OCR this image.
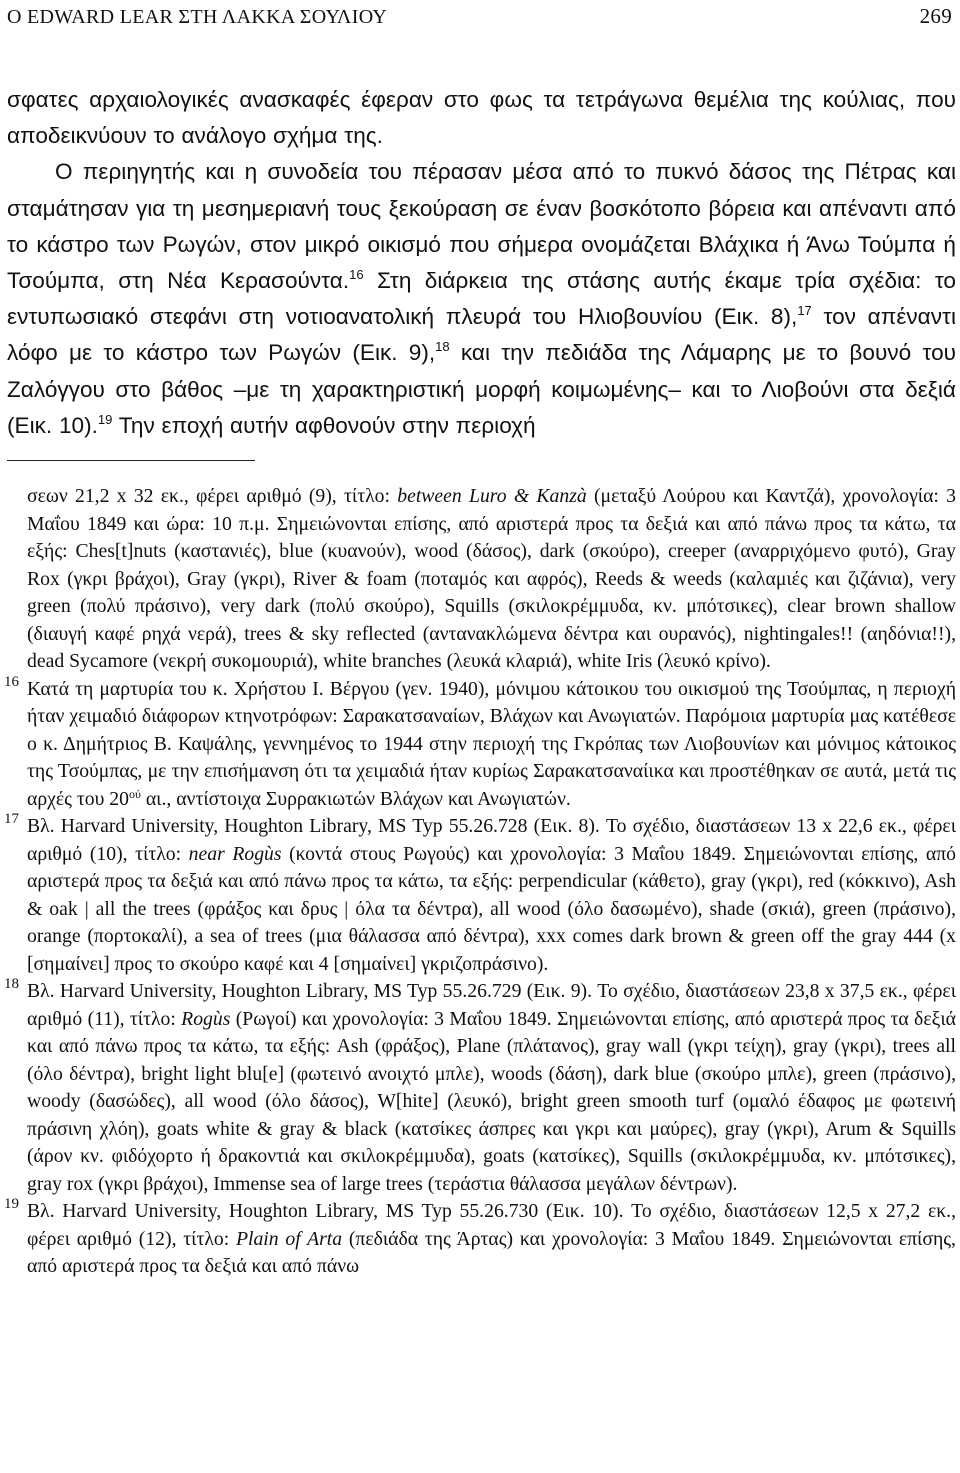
O EDWARD LEAR ΣΤΗ ΛΑΚΚΑ ΣΟΥΛΙΟΥ	269

σφατες αρχαιολογικές ανασκαφές έφεραν στο φως τα τετράγωνα θεμέλια της κούλιας, που αποδεικνύουν το ανάλογο σχήμα της.

Ο περιηγητής και η συνοδεία του πέρασαν μέσα από το πυκνό δάσος της Πέτρας και σταμάτησαν για τη μεσημεριανή τους ξεκούραση σε έναν βοσκότοπο βόρεια και απέναντι από το κάστρο των Ρωγών, στον μικρό οικισμό που σήμερα ονομάζεται Βλάχικα ή Άνω Τούμπα ή Τσούμπα, στη Νέα Κερασούντα.$^{16}$ Στη διάρκεια της στάσης αυτής έκαμε τρία σχέδια: το εντυπωσιακό στεφάνι στη νοτιοανατολική πλευρά του Ηλιοβουνίου (Εικ. 8),$^{17}$ τον απέναντι λόφο με το κάστρο των Ρωγών (Εικ. 9),$^{18}$ και την πεδιάδα της Λάμαρης με το βουνό του Ζαλόγγου στο βάθος –με τη χαρακτηριστική μορφή κοιμωμένης– και το Λιοβούνι στα δεξιά (Εικ. 10).$^{19}$ Την εποχή αυτήν αφθονούν στην περιοχή

σεων 21,2 x 32 εκ., φέρει αριθμό (9), τίτλο: between Luro & Kanzà (μεταξύ Λούρου και Καντζά), χρονολογία: 3 Μαΐου 1849 και ώρα: 10 π.μ. Σημειώνονται επίσης, από αριστερά προς τα δεξιά και από πάνω προς τα κάτω, τα εξής: Ches[t]nuts (καστανιές), blue (κυανούν), wood (δάσος), dark (σκούρο), creeper (αναρριχόμενο φυτό), Gray Rox (γκρι βράχοι), Gray (γκρι), River & foam (ποταμός και αφρός), Reeds & weeds (καλαμιές και ζιζάνια), very green (πολύ πράσινο), very dark (πολύ σκούρο), Squills (σκιλοκρέμμυδα, κν. μπότσικες), clear brown shallow (διαυγή καφέ ρηχά νερά), trees & sky reflected (αντανακλώμενα δέντρα και ουρανός), nightingales!! (αηδόνια!!), dead Sycamore (νεκρή συκομουριά), white branches (λευκά κλαριά), white Iris (λευκό κρίνο).

16 Κατά τη μαρτυρία του κ. Χρήστου Ι. Βέργου (γεν. 1940), μόνιμου κάτοικου του οικισμού της Τσούμπας, η περιοχή ήταν χειμαδιό διάφορων κτηνοτρόφων: Σαρακατσαναίων, Βλάχων και Ανωγιατών. Παρόμοια μαρτυρία μας κατέθεσε ο κ. Δημήτριος Β. Καψάλης, γεννημένος το 1944 στην περιοχή της Γκρόπας των Λιοβουνίων και μόνιμος κάτοικος της Τσούμπας, με την επισήμανση ότι τα χειμαδιά ήταν κυρίως Σαρακατσαναίικα και προστέθηκαν σε αυτά, μετά τις αρχές του $20^{oύ}$ αι., αντίστοιχα Συρρακιωτών Βλάχων και Ανωγιατών.

17 Βλ. Harvard University, Houghton Library, MS Typ 55.26.728 (Εικ. 8). Το σχέδιο, διαστάσεων 13 x 22,6 εκ., φέρει αριθμό (10), τίτλο: near Rogùs (κοντά στους Ρωγούς) και χρονολογία: 3 Μαΐου 1849. Σημειώνονται επίσης, από αριστερά προς τα δεξιά και από πάνω προς τα κάτω, τα εξής: perpendicular (κάθετο), gray (γκρι), red (κόκκινο), Ash & oak | all the trees (φράξος και δρυς | όλα τα δέντρα), all wood (όλο δασωμένο), shade (σκιά), green (πράσινο), orange (πορτοκαλί), a sea of trees (μια θάλασσα από δέντρα), xxx comes dark brown & green off the gray 444 (x [σημαίνει] προς το σκούρο καφέ και 4 [σημαίνει] γκριζοπράσινο).

18 Βλ. Harvard University, Houghton Library, MS Typ 55.26.729 (Εικ. 9). Το σχέδιο, διαστάσεων 23,8 x 37,5 εκ., φέρει αριθμό (11), τίτλο: Rogùs (Ρωγοί) και χρονολογία: 3 Μαΐου 1849. Σημειώνονται επίσης, από αριστερά προς τα δεξιά και από πάνω προς τα κάτω, τα εξής: Ash (φράξος), Plane (πλάτανος), gray wall (γκρι τείχη), gray (γκρι), trees all (όλο δέντρα), bright light blu[e] (φωτεινό ανοιχτό μπλε), woods (δάση), dark blue (σκούρο μπλε), green (πράσινο), woody (δασώδες), all wood (όλο δάσος), W[hite] (λευκό), bright green smooth turf (ομαλό έδαφος με φωτεινή πράσινη χλόη), goats white & gray & black (κατσίκες άσπρες και γκρι και μαύρες), gray (γκρι), Arum & Squills (άρον κν. φιδόχορτο ή δρακοντιά και σκιλοκρέμμυδα), goats (κατσίκες), Squills (σκιλοκρέμμυδα, κν. μπότσικες), gray rox (γκρι βράχοι), Immense sea of large trees (τεράστια θάλασσα μεγάλων δέντρων).

19 Βλ. Harvard University, Houghton Library, MS Typ 55.26.730 (Εικ. 10). Το σχέδιο, διαστάσεων 12,5 x 27,2 εκ., φέρει αριθμό (12), τίτλο: Plain of Arta (πεδιάδα της Άρτας) και χρονολογία: 3 Μαΐου 1849. Σημειώνονται επίσης, από αριστερά προς τα δεξιά και από πάνω
